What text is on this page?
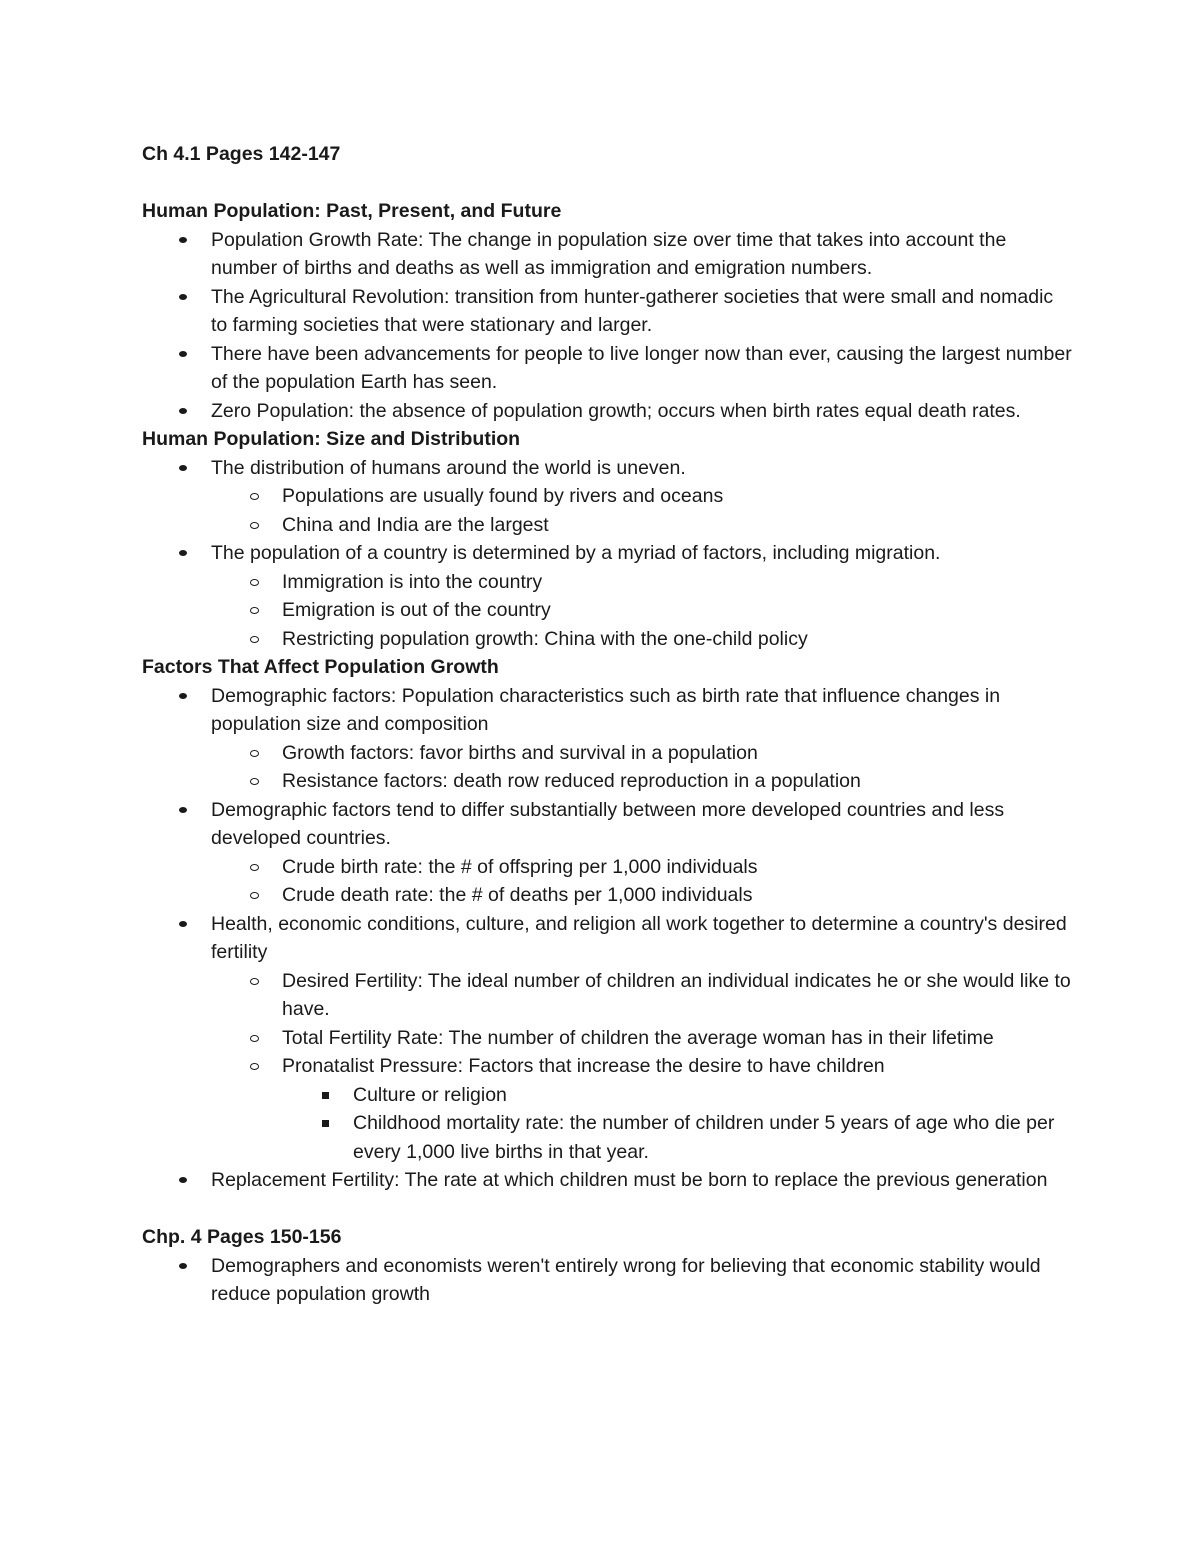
Ch 4.1 Pages 142-147

Human Population: Past, Present, and Future

Population Growth Rate: The change in population size over time that takes into account the number of births and deaths as well as immigration and emigration numbers.
The Agricultural Revolution: transition from hunter-gatherer societies that were small and nomadic to farming societies that were stationary and larger.
There have been advancements for people to live longer now than ever, causing the largest number of the population Earth has seen.
Zero Population: the absence of population growth; occurs when birth rates equal death rates.

Human Population: Size and Distribution

The distribution of humans around the world is uneven.
Populations are usually found by rivers and oceans
China and India are the largest
The population of a country is determined by a myriad of factors, including migration.
Immigration is into the country
Emigration is out of the country
Restricting population growth: China with the one-child policy

Factors That Affect Population Growth

Demographic factors: Population characteristics such as birth rate that influence changes in population size and composition
Growth factors: favor births and survival in a population
Resistance factors: death row reduced reproduction in a population
Demographic factors tend to differ substantially between more developed countries and less developed countries.
Crude birth rate: the # of offspring per 1,000 individuals
Crude death rate: the # of deaths per 1,000 individuals
Health, economic conditions, culture, and religion all work together to determine a country's desired fertility
Desired Fertility: The ideal number of children an individual indicates he or she would like to have.
Total Fertility Rate: The number of children the average woman has in their lifetime
Pronatalist Pressure: Factors that increase the desire to have children
Culture or religion
Childhood mortality rate: the number of children under 5 years of age who die per every 1,000 live births in that year.
Replacement Fertility: The rate at which children must be born to replace the previous generation

Chp. 4 Pages 150-156

Demographers and economists weren't entirely wrong for believing that economic stability would reduce population growth
